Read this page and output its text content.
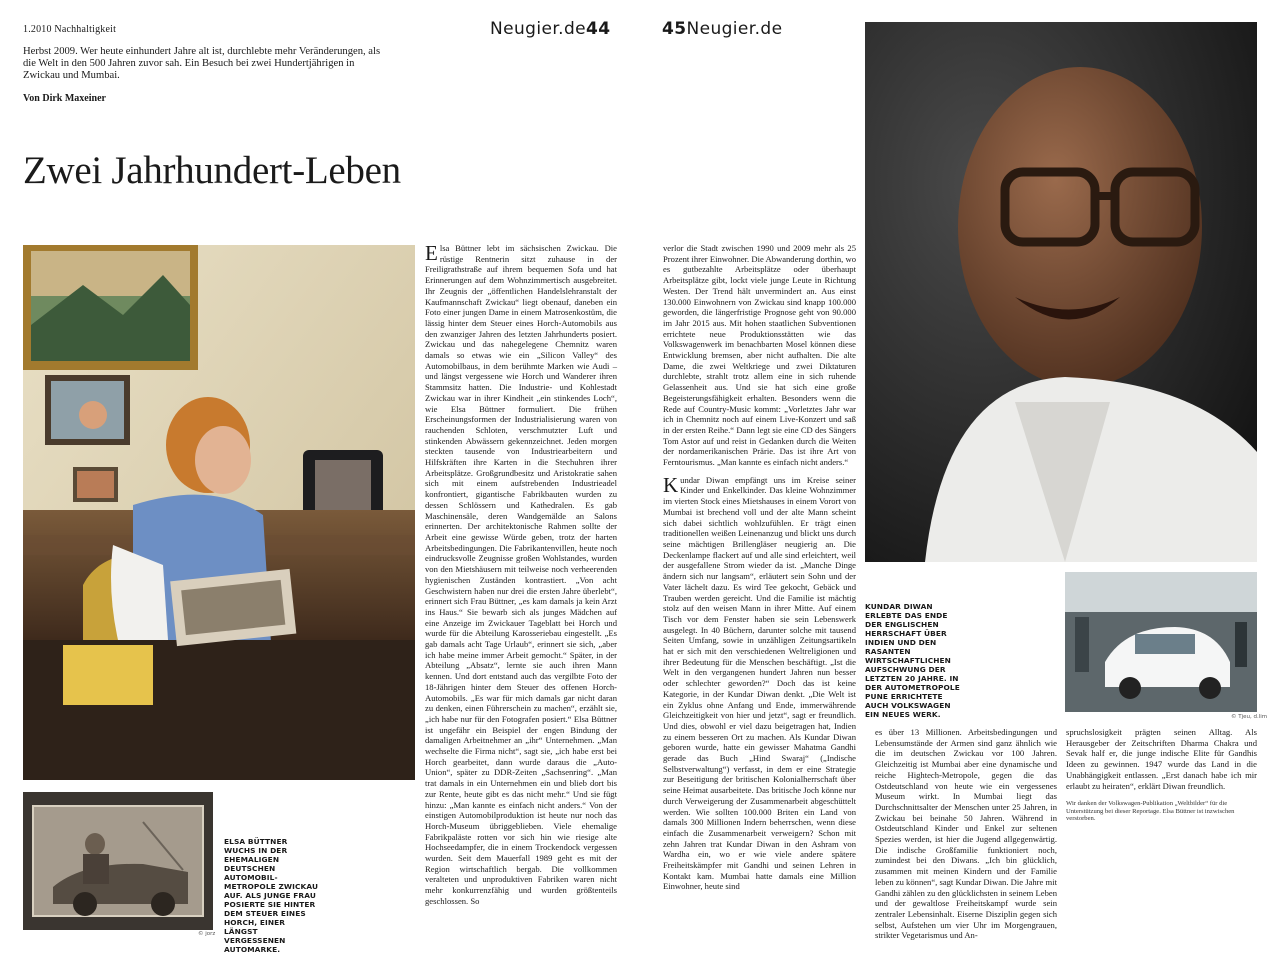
1.2010 Nachhaltigkeit
Herbst 2009. Wer heute einhundert Jahre alt ist, durchlebte mehr Veränderungen, als die Welt in den 500 Jahren zuvor sah. Ein Besuch bei zwei Hundertjährigen in Zwickau und Mumbai.
Von Dirk Maxeiner
Neugier.de44	45Neugier.de
Zwei Jahrhundert-Leben
© jorz
ELSA BÜTTNER WUCHS IN DER EHEMALIGEN DEUTSCHEN AUTOMOBIL-METROPOLE ZWICKAU AUF. ALS JUNGE FRAU POSIERTE SIE HINTER DEM STEUER EINES HORCH, EINER LÄNGST VERGESSENEN AUTOMARKE.

Elsa Büttner lebt im sächsischen Zwickau. Die rüstige Rentnerin sitzt zuhause in der Freiligrathstraße auf ihrem bequemen Sofa und hat Erinnerungen auf dem Wohnzimmertisch ausgebreitet. Ihr Zeugnis der „öffentlichen Handelslehranstalt der Kaufmannschaft Zwickau“ liegt obenauf, daneben ein Foto einer jungen Dame in einem Matrosenkostüm, die lässig hinter dem Steuer eines Horch-Automobils aus den zwanziger Jahren des letzten Jahrhunderts posiert. Zwickau und das nahegelegene Chemnitz waren damals so etwas wie ein „Silicon Valley“ des Automobilbaus, in dem berühmte Marken wie Audi – und längst vergessene wie Horch und Wanderer ihren Stammsitz hatten. Die Industrie- und Kohlestadt Zwickau war in ihrer Kindheit „ein stinkendes Loch“, wie Elsa Büttner formuliert. Die frühen Erscheinungsformen der Industrialisierung waren von rauchenden Schloten, verschmutzter Luft und stinkenden Abwässern gekennzeichnet. Jeden morgen steckten tausende von Industriearbeitern und Hilfskräften ihre Karten in die Stechuhren ihrer Arbeitsplätze. Großgrundbesitz und Aristokratie sahen sich mit einem aufstrebenden Industrieadel konfrontiert, gigantische Fabrikbauten wurden zu dessen Schlössern und Kathedralen. Es gab Maschinensäle, deren Wandgemälde an Salons erinnerten. Der architektonische Rahmen sollte der Arbeit eine gewisse Würde geben, trotz der harten Arbeitsbedingungen. Die Fabrikantenvillen, heute noch eindrucksvolle Zeugnisse großen Wohlstandes, wurden von den Mietshäusern mit teilweise noch verheerenden hygienischen Zuständen kontrastiert. „Von acht Geschwistern haben nur drei die ersten Jahre überlebt“, erinnert sich Frau Büttner, „es kam damals ja kein Arzt ins Haus.“ Sie bewarb sich als junges Mädchen auf eine Anzeige im Zwickauer Tageblatt bei Horch und wurde für die Abteilung Karosseriebau eingestellt. „Es gab damals acht Tage Urlaub“, erinnert sie sich, „aber ich habe meine immer Arbeit gemocht.“ Später, in der Abteilung „Absatz“, lernte sie auch ihren Mann kennen. Und dort entstand auch das vergilbte Foto der 18-Jährigen hinter dem Steuer des offenen Horch-Automobils. „Es war für mich damals gar nicht daran zu denken, einen Führerschein zu machen“, erzählt sie, „ich habe nur für den Fotografen posiert.“ Elsa Büttner ist ungefähr ein Beispiel der engen Bindung der damaligen Arbeitnehmer an „ihr“ Unternehmen. „Man wechselte die Firma nicht“, sagt sie, „ich habe erst bei Horch gearbeitet, dann wurde daraus die „Auto-Union“, später zu DDR-Zeiten „Sachsenring“. „Man trat damals in ein Unternehmen ein und blieb dort bis zur Rente, heute gibt es das nicht mehr.“ Und sie fügt hinzu: „Man kannte es einfach nicht anders.“ Von der einstigen Automobilproduktion ist heute nur noch das Horch-Museum übriggeblieben. Viele ehemalige Fabrikpaläste rotten vor sich hin wie riesige alte Hochseedampfer, die in einem Trockendock vergessen wurden. Seit dem Mauerfall 1989 geht es mit der Region wirtschaftlich bergab. Die vollkommen veralteten und unproduktiven Fabriken waren nicht mehr konkurrenzfähig und wurden größtenteils geschlossen. So

verlor die Stadt zwischen 1990 und 2009 mehr als 25 Prozent ihrer Einwohner. Die Abwanderung dorthin, wo es gutbezahlte Arbeitsplätze oder überhaupt Arbeitsplätze gibt, lockt viele junge Leute in Richtung Westen. Der Trend hält unvermindert an. Aus einst 130.000 Einwohnern von Zwickau sind knapp 100.000 geworden, die längerfristige Prognose geht von 90.000 im Jahr 2015 aus. Mit hohen staatlichen Subventionen errichtete neue Produktionsstätten wie das Volkswagenwerk im benachbarten Mosel können diese Entwicklung bremsen, aber nicht aufhalten. Die alte Dame, die zwei Weltkriege und zwei Diktaturen durchlebte, strahlt trotz allem eine in sich ruhende Gelassenheit aus. Und sie hat sich eine große Begeisterungsfähigkeit erhalten. Besonders wenn die Rede auf Country-Music kommt: „Vorletztes Jahr war ich in Chemnitz noch auf einem Live-Konzert und saß in der ersten Reihe.“ Dann legt sie eine CD des Sängers Tom Astor auf und reist in Gedanken durch die Weiten der nordamerikanischen Prärie. Das ist ihre Art von Ferntourismus. „Man kannte es einfach nicht anders.“

Kundar Diwan empfängt uns im Kreise seiner Kinder und Enkelkinder. Das kleine Wohnzimmer im vierten Stock eines Mietshauses in einem Vorort von Mumbai ist brechend voll und der alte Mann scheint sich dabei sichtlich wohlzufühlen. Er trägt einen traditionellen weißen Leinenanzug und blickt uns durch seine mächtigen Brillengläser neugierig an. Die Deckenlampe flackert auf und alle sind erleichtert, weil der ausgefallene Strom wieder da ist. „Manche Dinge ändern sich nur langsam“, erläutert sein Sohn und der Vater lächelt dazu. Es wird Tee gekocht, Gebäck und Trauben werden gereicht. Und die Familie ist mächtig stolz auf den weisen Mann in ihrer Mitte. Auf einem Tisch vor dem Fenster haben sie sein Lebenswerk ausgelegt. In 40 Büchern, darunter solche mit tausend Seiten Umfang, sowie in unzähligen Zeitungsartikeln hat er sich mit den verschiedenen Weltreligionen und ihrer Bedeutung für die Menschen beschäftigt. „Ist die Welt in den vergangenen hundert Jahren nun besser oder schlechter geworden?“ Doch das ist keine Kategorie, in der Kundar Diwan denkt. „Die Welt ist ein Zyklus ohne Anfang und Ende, immerwährende Gleichzeitigkeit von hier und jetzt“, sagt er freundlich. Und dies, obwohl er viel dazu beigetragen hat, Indien zu einem besseren Ort zu machen. Als Kundar Diwan geboren wurde, hatte ein gewisser Mahatma Gandhi gerade das Buch „Hind Swaraj“ („Indische Selbstverwaltung“) verfasst, in dem er eine Strategie zur Beseitigung der britischen Kolonialherrschaft über seine Heimat ausarbeitete. Das britische Joch könne nur durch Verweigerung der Zusammenarbeit abgeschüttelt werden. Wie sollten 100.000 Briten ein Land von damals 300 Millionen Indern beherrschen, wenn diese einfach die Zusammenarbeit verweigern? Schon mit zehn Jahren trat Kundar Diwan in den Ashram von Wardha ein, wo er wie viele andere spätere Freiheitskämpfer mit Gandhi und seinen Lehren in Kontakt kam. Mumbai hatte damals eine Million Einwohner, heute sind

KUNDAR DIWAN ERLEBTE DAS ENDE DER ENGLISCHEN HERRSCHAFT ÜBER INDIEN UND DEN RASANTEN WIRTSCHAFTLICHEN AUFSCHWUNG DER LETZTEN 20 JAHRE. IN DER AUTOMETROPOLE PUNE ERRICHTETE AUCH VOLKSWAGEN EIN NEUES WERK.	© Tjeu, d.lim

es über 13 Millionen. Arbeitsbedingungen und Lebensumstände der Armen sind ganz ähnlich wie die im deutschen Zwickau vor 100 Jahren. Gleichzeitig ist Mumbai aber eine dynamische und reiche Hightech-Metropole, gegen die das Ostdeutschland von heute wie ein vergessenes Museum wirkt. In Mumbai liegt das Durchschnittsalter der Menschen unter 25 Jahren, in Zwickau bei beinahe 50 Jahren. Während in Ostdeutschland Kinder und Enkel zur seltenen Spezies werden, ist hier die Jugend allgegenwärtig. Die indische Großfamilie funktioniert noch, zumindest bei den Diwans. „Ich bin glücklich, zusammen mit meinen Kindern und der Familie leben zu können“, sagt Kundar Diwan. Die Jahre mit Gandhi zählen zu den glücklichsten in seinem Leben und der gewaltlose Freiheitskampf wurde sein zentraler Lebensinhalt. Eiserne Disziplin gegen sich selbst, Aufstehen um vier Uhr im Morgengrauen, strikter Vegetarismus und An-

spruchslosigkeit prägten seinen Alltag. Als Herausgeber der Zeitschriften Dharma Chakra und Sevak half er, die junge indische Elite für Gandhis Ideen zu gewinnen. 1947 wurde das Land in die Unabhängigkeit entlassen. „Erst danach habe ich mir erlaubt zu heiraten“, erklärt Diwan freundlich.

Wir danken der Volkswagen-Publikation „Weltbilder“ für die Unterstützung bei dieser Reportage. Elsa Büttner ist inzwischen verstorben.
